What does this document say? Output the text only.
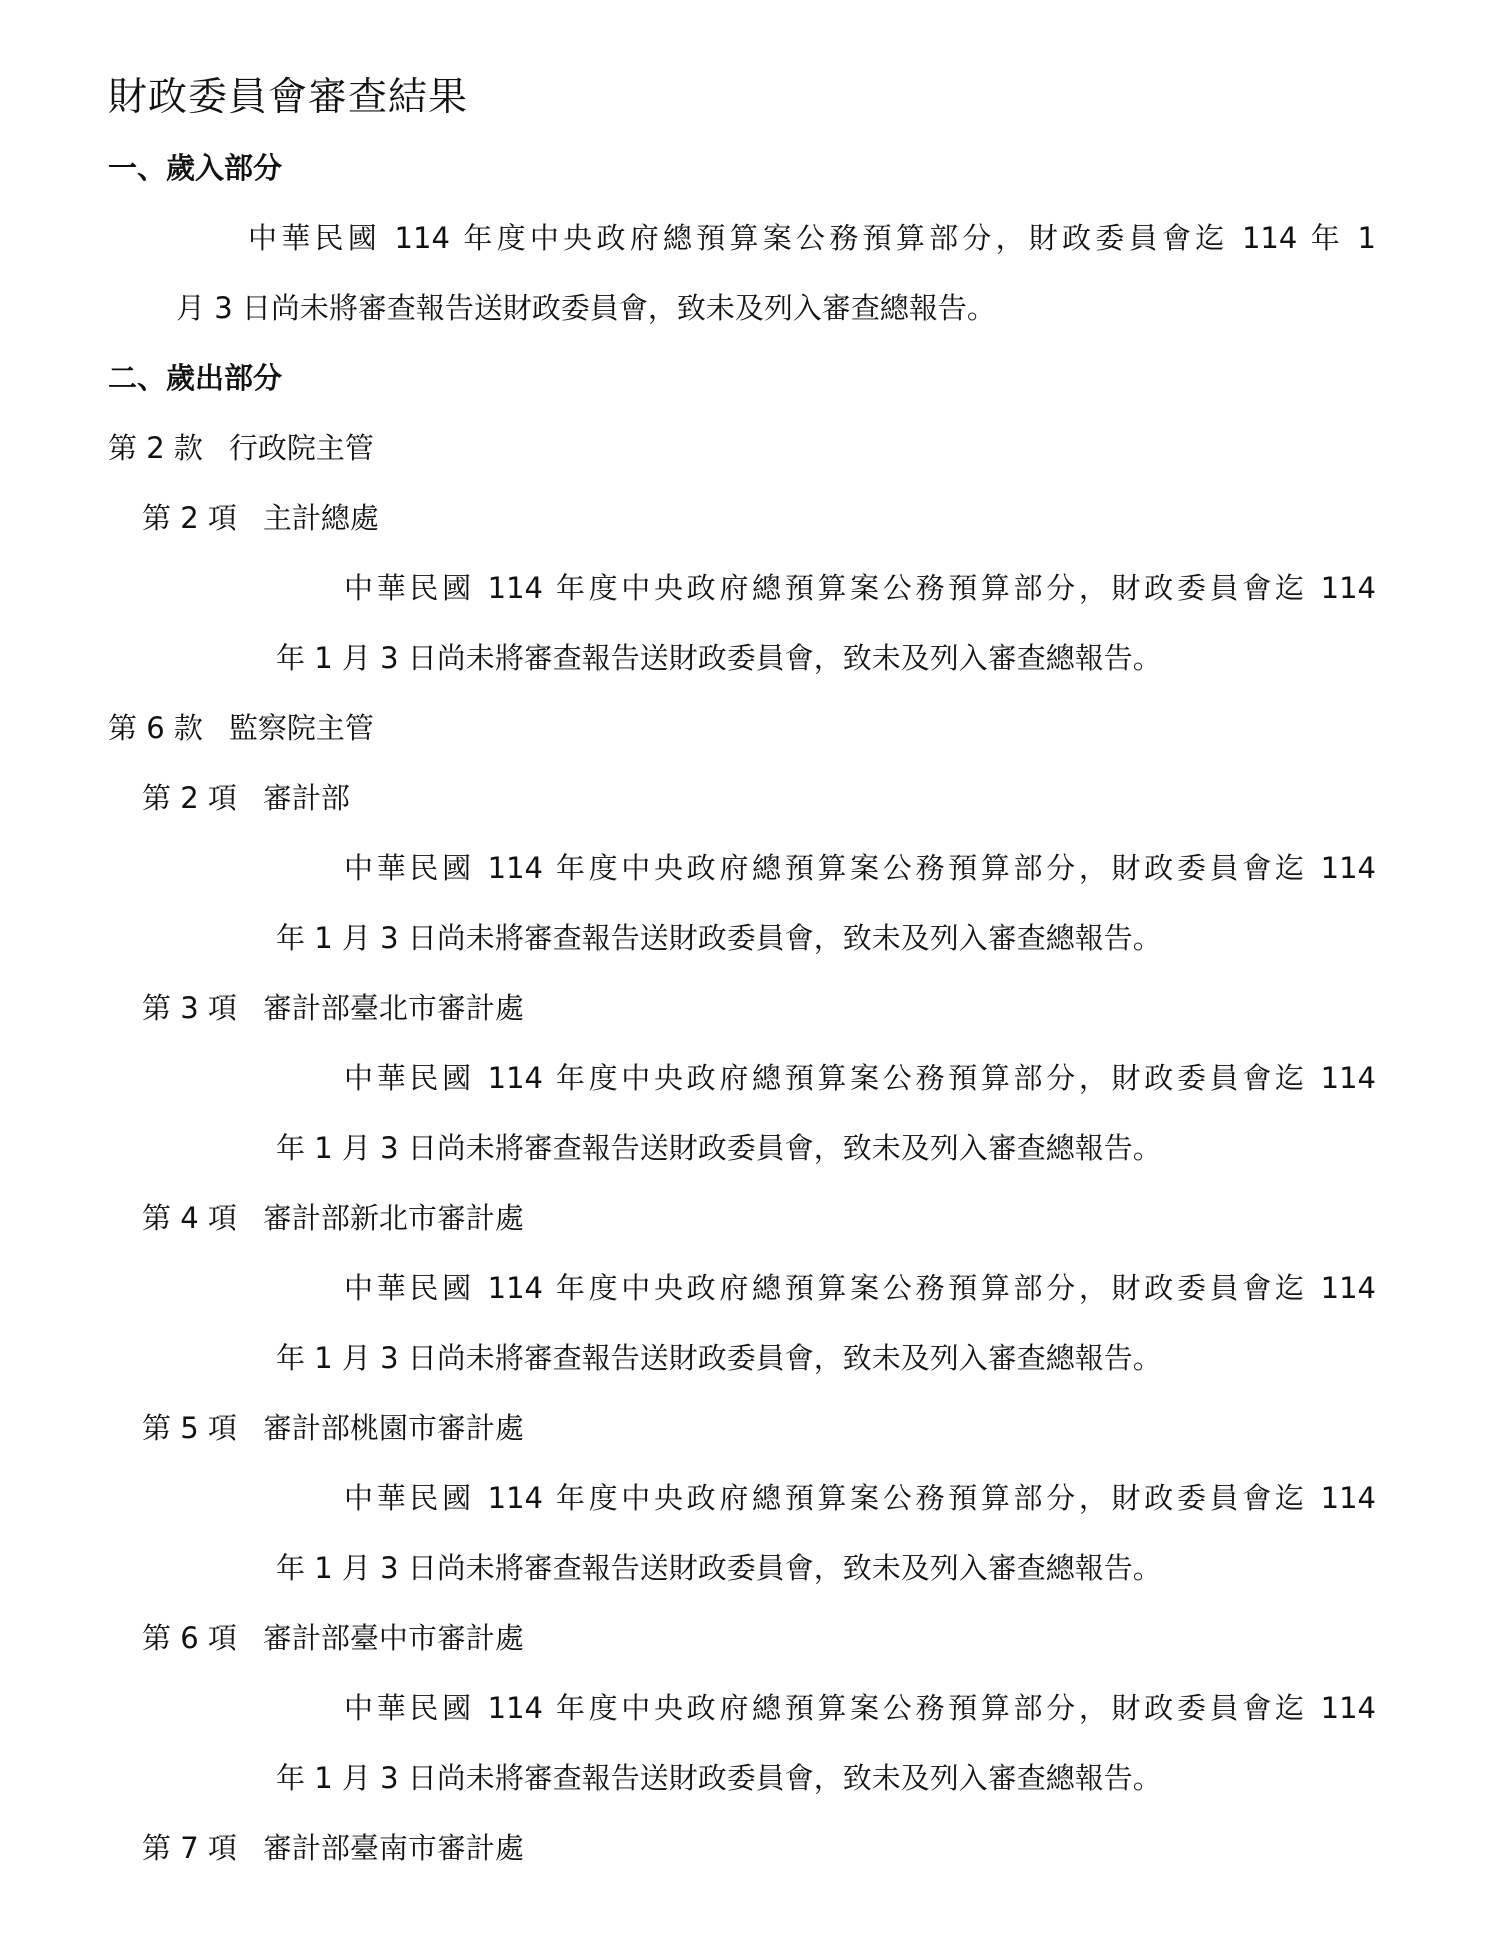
財政委員會審查結果
一、歲入部分
中華民國 114 年度中央政府總預算案公務預算部分，財政委員會迄 114 年 1
月 3 日尚未將審查報告送財政委員會，致未及列入審查總報告。
二、歲出部分
第 2 款 行政院主管
第 2 項 主計總處
中華民國 114 年度中央政府總預算案公務預算部分，財政委員會迄 114
年 1 月 3 日尚未將審查報告送財政委員會，致未及列入審查總報告。
第 6 款 監察院主管
第 2 項 審計部
中華民國 114 年度中央政府總預算案公務預算部分，財政委員會迄 114
年 1 月 3 日尚未將審查報告送財政委員會，致未及列入審查總報告。
第 3 項 審計部臺北市審計處
中華民國 114 年度中央政府總預算案公務預算部分，財政委員會迄 114
年 1 月 3 日尚未將審查報告送財政委員會，致未及列入審查總報告。
第 4 項 審計部新北市審計處
中華民國 114 年度中央政府總預算案公務預算部分，財政委員會迄 114
年 1 月 3 日尚未將審查報告送財政委員會，致未及列入審查總報告。
第 5 項 審計部桃園市審計處
中華民國 114 年度中央政府總預算案公務預算部分，財政委員會迄 114
年 1 月 3 日尚未將審查報告送財政委員會，致未及列入審查總報告。
第 6 項 審計部臺中市審計處
中華民國 114 年度中央政府總預算案公務預算部分，財政委員會迄 114
年 1 月 3 日尚未將審查報告送財政委員會，致未及列入審查總報告。
第 7 項 審計部臺南市審計處
